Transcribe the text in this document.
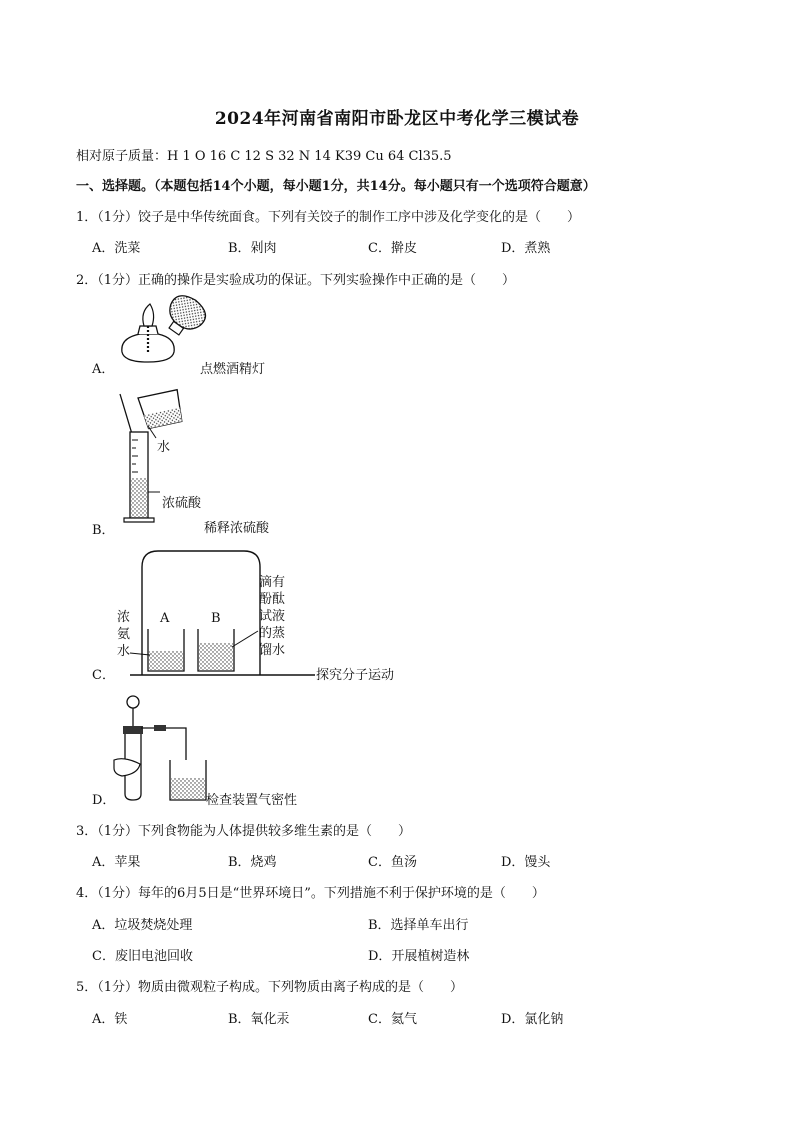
2024年河南省南阳市卧龙区中考化学三模试卷
相对原子质量：H 1 O 16 C 12 S 32 N 14 K39 Cu 64 Cl35.5
一、选择题。（本题包括14个小题，每小题1分，共14分。每小题只有一个选项符合题意）
1．（1分）饺子是中华传统面食。下列有关饺子的制作工序中涉及化学变化的是（　　）
A．洗菜	B．剁肉	C．擀皮	D．煮熟
2．（1分）正确的操作是实验成功的保证。下列实验操作中正确的是（　　）
A．	点燃酒精灯
B．
水
浓硫酸
稀释浓硫酸
C．
A	B
浓
氨
水
滴有
酚酞
试液
的蒸
馏水
探究分子运动
D．	检查装置气密性
3．（1分）下列食物能为人体提供较多维生素的是（　　）
A．苹果	B．烧鸡	C．鱼汤	D．馒头
4．（1分）每年的6月5日是“世界环境日”。下列措施不利于保护环境的是（　　）
A．垃圾焚烧处理	B．选择单车出行
C．废旧电池回收	D．开展植树造林
5．（1分）物质由微观粒子构成。下列物质由离子构成的是（　　）
A．铁	B．氧化汞	C．氦气	D．氯化钠
